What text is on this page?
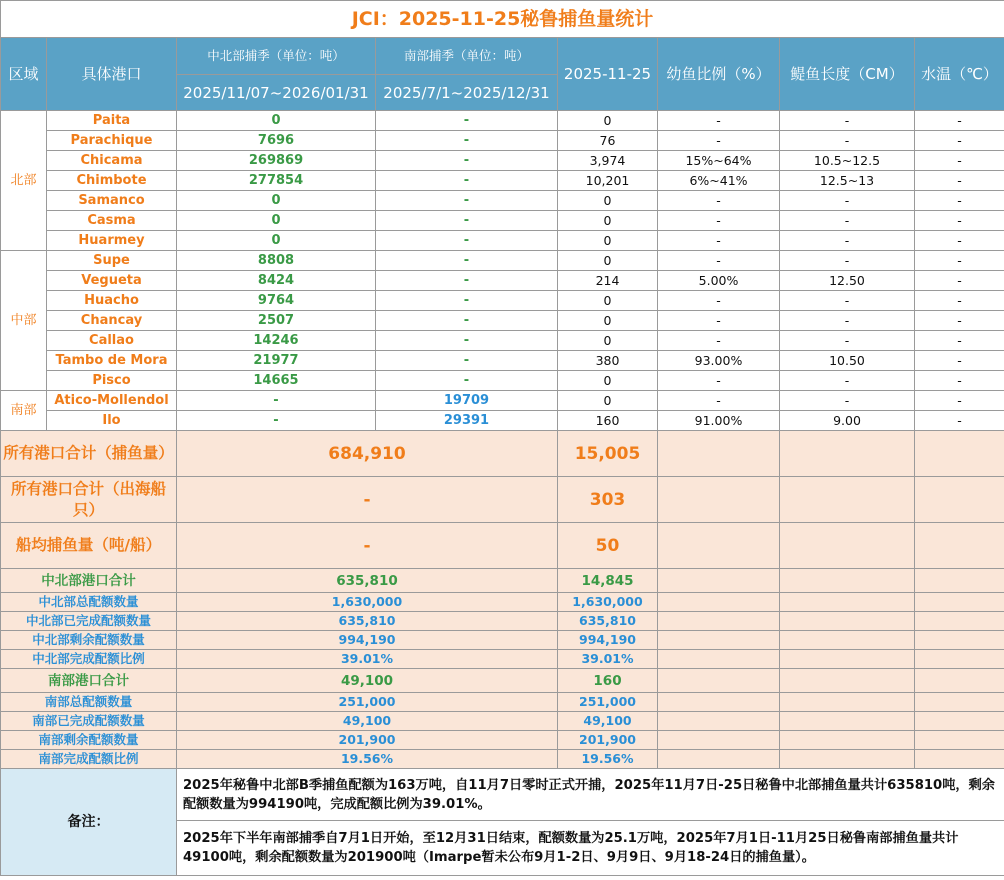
JCI：2025-11-25秘鲁捕鱼量统计							
区域	具体港口	中北部捕季（单位：吨）	南部捕季（单位：吨）	2025-11-25	幼鱼比例（%）	鳀鱼长度（CM）	水温（℃）
		2025/11/07~2026/01/31	2025/7/1~2025/12/31				
北部	Paita	0	-	0	-	-	-
	Parachique	7696	-	76	-	-	-
	Chicama	269869	-	3,974	15%~64%	10.5~12.5	-
	Chimbote	277854	-	10,201	6%~41%	12.5~13	-
	Samanco	0	-	0	-	-	-
	Casma	0	-	0	-	-	-
	Huarmey	0	-	0	-	-	-
中部	Supe	8808	-	0	-	-	-
	Vegueta	8424	-	214	5.00%	12.50	-
	Huacho	9764	-	0	-	-	-
	Chancay	2507	-	0	-	-	-
	Callao	14246	-	0	-	-	-
	Tambo de Mora	21977	-	380	93.00%	10.50	-
	Pisco	14665	-	0	-	-	-
南部	Atico-Mollendol	-	19709	0	-	-	-
	Ilo	-	29391	160	91.00%	9.00	-
所有港口合计（捕鱼量）		684,910		15,005			
所有港口合计（出海船只）		-		303			
船均捕鱼量（吨/船）		-		50			
中北部港口合计		635,810		14,845			
中北部总配额数量		1,630,000		1,630,000			
中北部已完成配额数量		635,810		635,810			
中北部剩余配额数量		994,190		994,190			
中北部完成配额比例		39.01%		39.01%			
南部港口合计		49,100		160			
南部总配额数量		251,000		251,000			
南部已完成配额数量		49,100		49,100			
南部剩余配额数量		201,900		201,900			
南部完成配额比例		19.56%		19.56%			
备注：		2025年秘鲁中北部B季捕鱼配额为163万吨，自11月7日零时正式开捕，2025年11月7日-25日秘鲁中北部捕鱼量共计635810吨，剩余配额数量为994190吨，完成配额比例为39.01%。					
		2025年下半年南部捕季自7月1日开始，至12月31日结束，配额数量为25.1万吨，2025年7月1日-11月25日秘鲁南部捕鱼量共计49100吨，剩余配额数量为201900吨（Imarpe暂未公布9月1-2日、9月9日、9月18-24日的捕鱼量）。					
